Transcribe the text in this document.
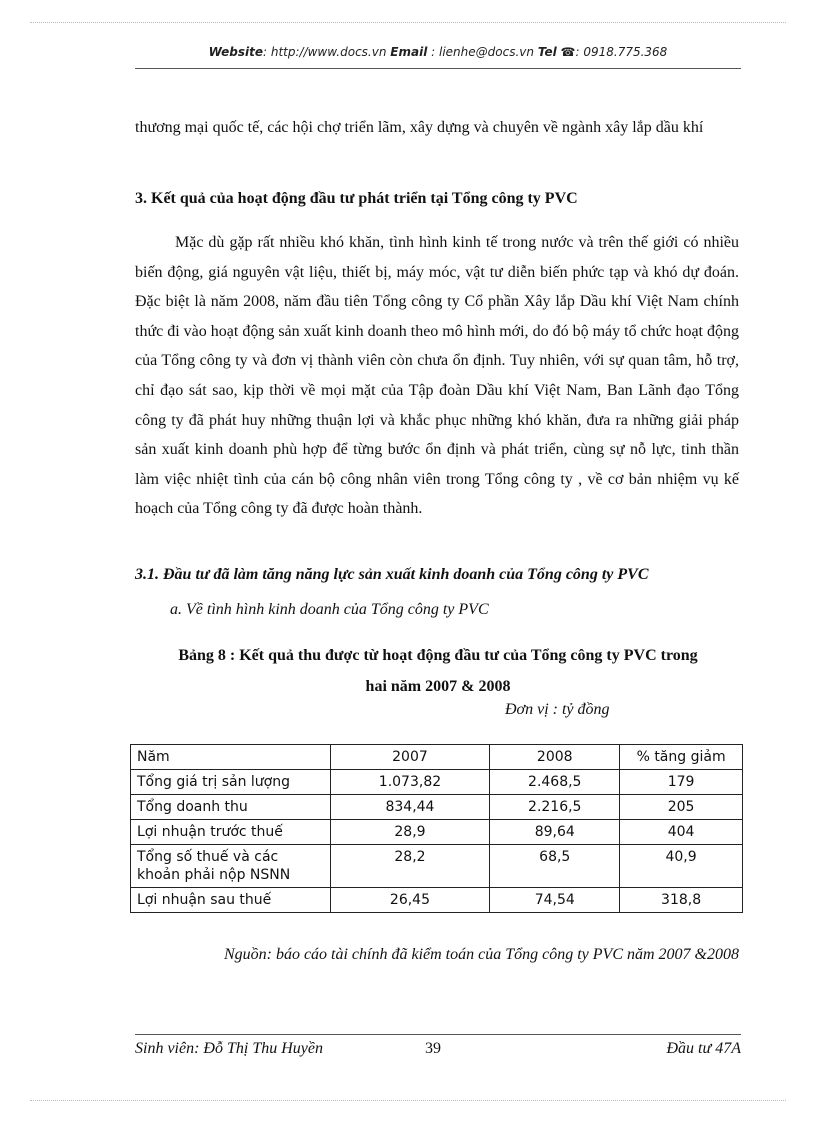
Website: http://www.docs.vn Email : lienhe@docs.vn Tel ☎: 0918.775.368
thương mại quốc tế, các hội chợ triển lãm, xây dựng và chuyên về ngành xây lắp dầu khí
3. Kết quả của hoạt động đầu tư phát triển tại Tổng công ty PVC
Mặc dù gặp rất nhiều khó khăn, tình hình kinh tế trong nước và trên thế giới có nhiều biến động, giá nguyên vật liệu, thiết bị, máy móc, vật tư diễn biến phức tạp và khó dự đoán. Đặc biệt là năm 2008, năm đầu tiên Tổng công ty Cổ phần Xây lắp Dầu khí Việt Nam chính thức đi vào hoạt động sản xuất kinh doanh theo mô hình mới, do đó bộ máy tổ chức hoạt động của Tổng công ty và đơn vị thành viên còn chưa ổn định. Tuy nhiên, với sự quan tâm, hỗ trợ, chỉ đạo sát sao, kịp thời về mọi mặt của Tập đoàn Dầu khí Việt Nam, Ban Lãnh đạo Tổng công ty đã phát huy những thuận lợi và khắc phục những khó khăn, đưa ra những giải pháp sản xuất kinh doanh phù hợp để từng bước ổn định và phát triển, cùng sự nỗ lực, tinh thần làm việc nhiệt tình của cán bộ công nhân viên trong Tổng công ty , về cơ bản nhiệm vụ kế hoạch của Tổng công ty đã được hoàn thành.
3.1. Đầu tư đã làm tăng năng lực sản xuất kinh doanh của Tổng công ty PVC
a. Về tình hình kinh doanh của Tổng công ty PVC
Bảng 8 : Kết quả thu được từ hoạt động đầu tư của Tổng công ty PVC trong
hai năm 2007 & 2008
Đơn vị : tỷ đồng
Năm	2007	2008	% tăng giảm
Tổng giá trị sản lượng	1.073,82	2.468,5	179
Tổng doanh thu	834,44	2.216,5	205
Lợi nhuận trước thuế	28,9	89,64	404
Tổng số thuế và các khoản phải nộp NSNN	28,2	68,5	40,9
Lợi nhuận sau thuế	26,45	74,54	318,8
Nguồn: báo cáo tài chính đã kiểm toán của Tổng công ty PVC năm 2007 &2008
Sinh viên: Đỗ Thị Thu Huyền	39	Đầu tư 47A
